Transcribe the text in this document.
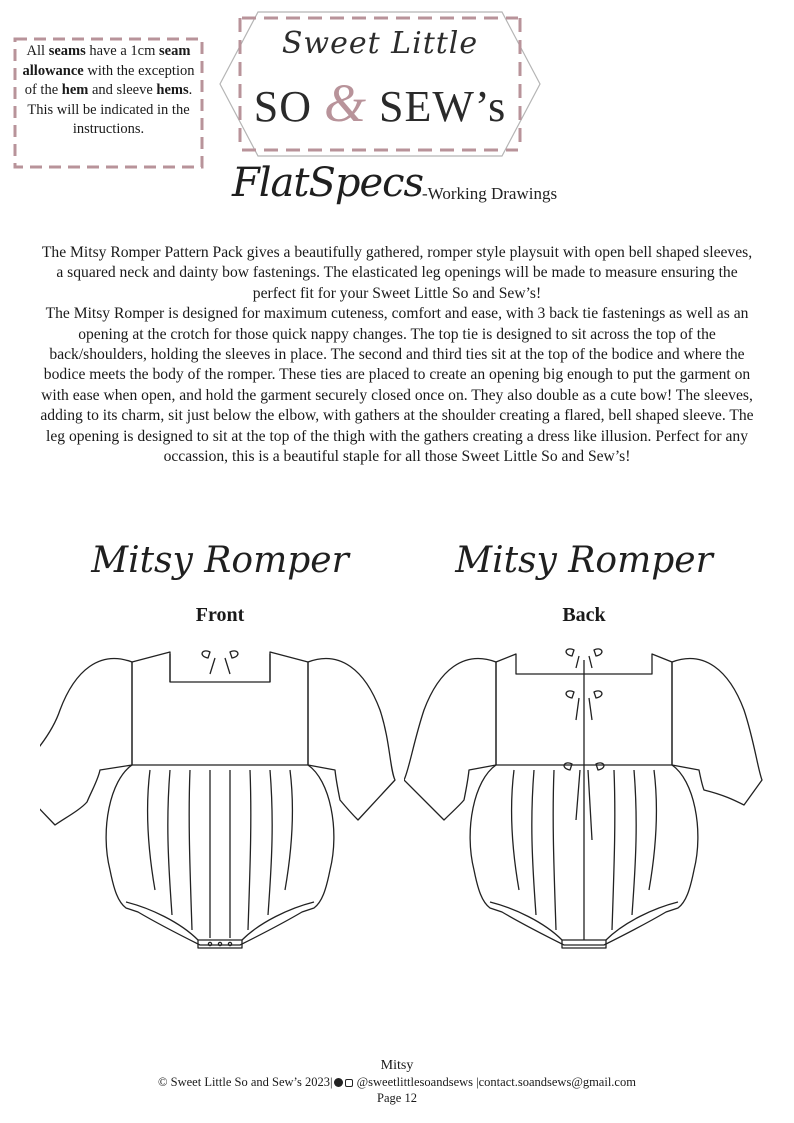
All seams have a 1cm seam allowance with the exception of the hem and sleeve hems. This will be indicated in the instructions.
Sweet Little
SO & SEW’s
FlatSpecs
-Working Drawings

The Mitsy Romper Pattern Pack gives a beautifully gathered, romper style playsuit with open bell shaped sleeves, a squared neck and dainty bow fastenings. The elasticated leg openings will be made to measure ensuring the perfect fit for your Sweet Little So and Sew’s!

The Mitsy Romper is designed for maximum cuteness, comfort and ease, with 3 back tie fastenings as well as an opening at the crotch for those quick nappy changes. The top tie is designed to sit across the top of the back/shoulders, holding the sleeves in place. The second and third ties sit at the top of the bodice and where the bodice meets the body of the romper. These ties are placed to create an opening big enough to put the garment on with ease when open, and hold the garment securely closed once on. They also double as a cute bow! The sleeves, adding to its charm, sit just below the elbow, with gathers at the shoulder creating a flared, bell shaped sleeve. The leg opening is designed to sit at the top of the thigh with the gathers creating a dress like illusion. Perfect for any occassion, this is a beautiful staple for all those Sweet Little So and Sew’s!

Mitsy Romper
Front
Mitsy Romper
Back
Mitsy
© Sweet Little So and Sew’s 2023| @sweetlittlesoandsews |contact.soandsews@gmail.com
Page 12
